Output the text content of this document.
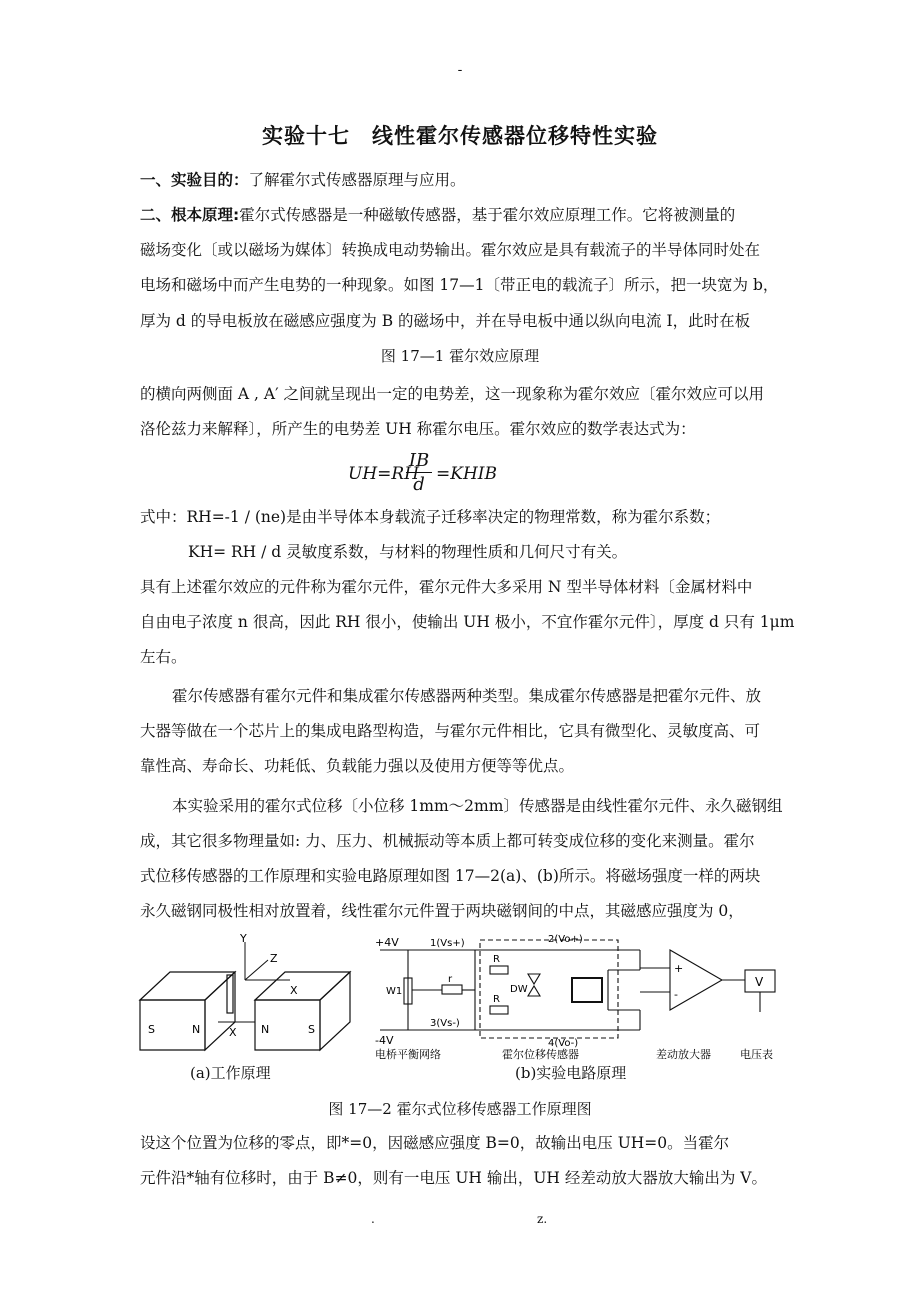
-
实验十七　线性霍尔传感器位移特性实验
一、实验目的：了解霍尔式传感器原理与应用。
二、根本原理:霍尔式传感器是一种磁敏传感器，基于霍尔效应原理工作。它将被测量的
磁场变化〔或以磁场为媒体〕转换成电动势输出。霍尔效应是具有载流子的半导体同时处在
电场和磁场中而产生电势的一种现象。如图 17—1〔带正电的载流子〕所示，把一块宽为 b，
厚为 d 的导电板放在磁感应强度为 B 的磁场中，并在导电板中通以纵向电流 I，此时在板
图 17—1 霍尔效应原理
的横向两侧面 A , A′ 之间就呈现出一定的电势差，这一现象称为霍尔效应〔霍尔效应可以用
洛伦兹力来解释〕，所产生的电势差 UH 称霍尔电压。霍尔效应的数学表达式为：
UH=RH
IB
d =KHIB
式中：RH=-1 / (ne)是由半导体本身载流子迁移率决定的物理常数，称为霍尔系数；
KH= RH / d 灵敏度系数，与材料的物理性质和几何尺寸有关。
具有上述霍尔效应的元件称为霍尔元件，霍尔元件大多采用 N 型半导体材料〔金属材料中
自由电子浓度 n 很高，因此 RH 很小，使输出 UH 极小，不宜作霍尔元件〕，厚度 d 只有 1μm
左右。
霍尔传感器有霍尔元件和集成霍尔传感器两种类型。集成霍尔传感器是把霍尔元件、放
大器等做在一个芯片上的集成电路型构造，与霍尔元件相比，它具有微型化、灵敏度高、可
靠性高、寿命长、功耗低、负载能力强以及使用方便等等优点。
本实验采用的霍尔式位移〔小位移 1mm～2mm〕传感器是由线性霍尔元件、永久磁钢组
成，其它很多物理量如: 力、压力、机械振动等本质上都可转变成位移的变化来测量。霍尔
式位移传感器的工作原理和实验电路原理如图 17—2(a)、(b)所示。将磁场强度一样的两块
永久磁钢同极性相对放置着，线性霍尔元件置于两块磁钢间的中点，其磁感应强度为 0，
Y
Z
X
X
S	N	N	S
+4V
-4V
1(Vs+)	2(Vo+)
3(Vs-)
4(Vo-)
W1
r
R
R
DW
+
-
V
电桥平衡网络	霍尔位移传感器	差动放大器	电压表
(a)工作原理	(b)实验电路原理
图 17—2 霍尔式位移传感器工作原理图
设这个位置为位移的零点，即*=0，因磁感应强度 B=0，故输出电压 UH=0。当霍尔
元件沿*轴有位移时，由于 B≠0，则有一电压 UH 输出，UH 经差动放大器放大输出为 V。
.	z.
